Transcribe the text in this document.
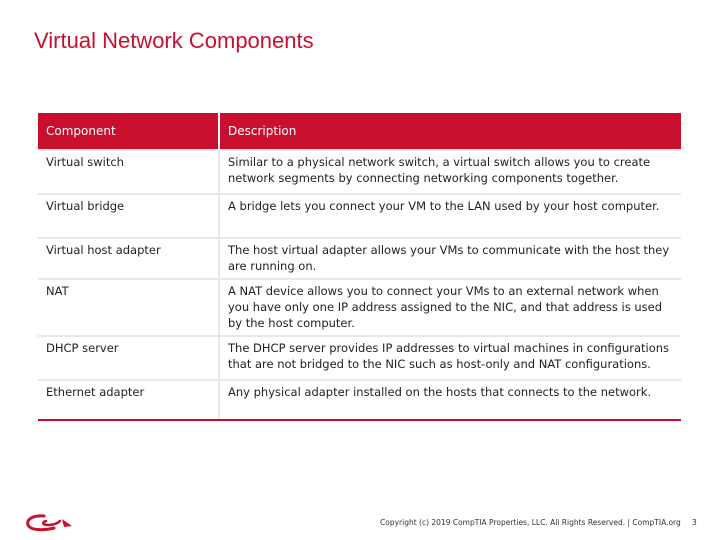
Virtual Network Components
Component	Description
Virtual switch	Similar to a physical network switch, a virtual switch allows you to create network segments by connecting networking components together.
Virtual bridge	A bridge lets you connect your VM to the LAN used by your host computer.
Virtual host adapter	The host virtual adapter allows your VMs to communicate with the host they are running on.
NAT	A NAT device allows you to connect your VMs to an external network when you have only one IP address assigned to the NIC, and that address is used by the host computer.
DHCP server	The DHCP server provides IP addresses to virtual machines in configurations that are not bridged to the NIC such as host-only and NAT configurations.
Ethernet adapter	Any physical adapter installed on the hosts that connects to the network.
Copyright (c) 2019 CompTIA Properties, LLC. All Rights Reserved. | CompTIA.org 3
